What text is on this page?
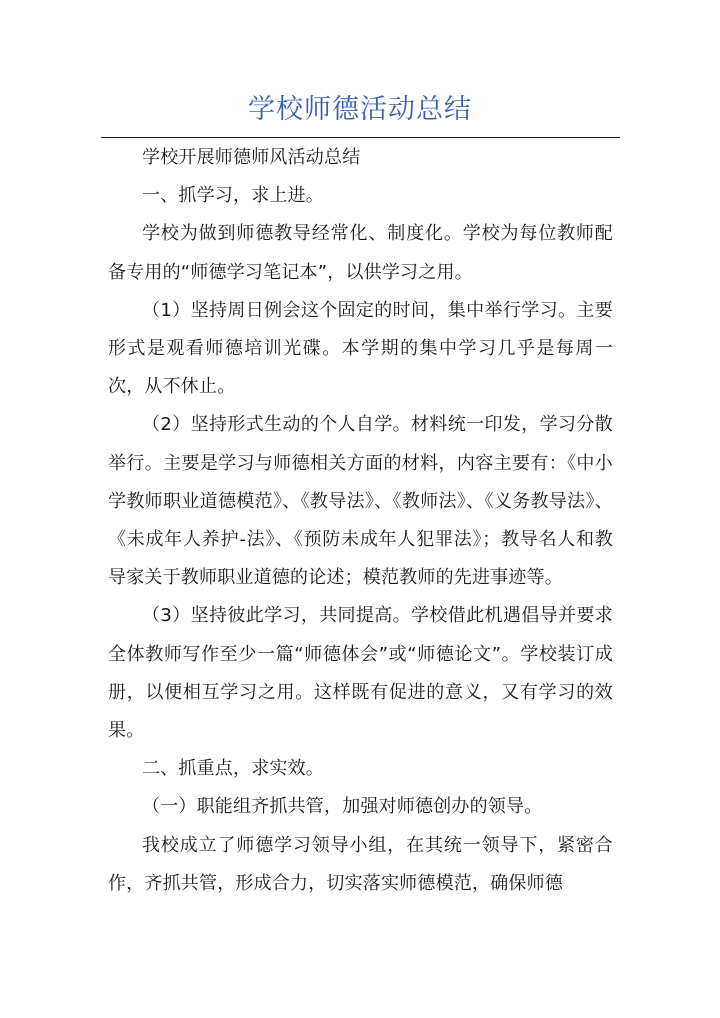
学校师德活动总结

学校开展师德师风活动总结

一、抓学习，求上进。

学校为做到师德教导经常化、制度化。学校为每位教师配备专用的“师德学习笔记本”，以供学习之用。

（1）坚持周日例会这个固定的时间，集中举行学习。主要形式是观看师德培训光碟。本学期的集中学习几乎是每周一次，从不休止。

（2）坚持形式生动的个人自学。材料统一印发，学习分散举行。主要是学习与师德相关方面的材料，内容主要有：《中小学教师职业道德模范》、《教导法》、《教师法》、《义务教导法》、《未成年人养护-法》、《预防未成年人犯罪法》；教导名人和教导家关于教师职业道德的论述；模范教师的先进事迹等。

（3）坚持彼此学习，共同提高。学校借此机遇倡导并要求全体教师写作至少一篇“师德体会”或“师德论文”。学校装订成册，以便相互学习之用。这样既有促进的意义，又有学习的效果。

二、抓重点，求实效。

（一）职能组齐抓共管，加强对师德创办的领导。

我校成立了师德学习领导小组，在其统一领导下，紧密合作，齐抓共管，形成合力，切实落实师德模范，确保师德
